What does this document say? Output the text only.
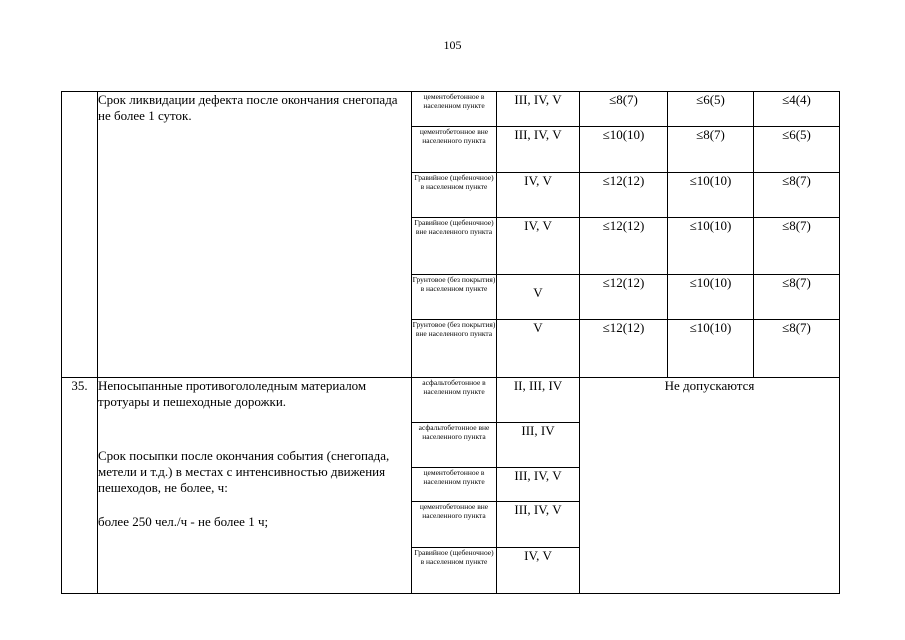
105
	Срок ликвидации дефекта после окончания снегопада не более 1 суток.	цементобетонное в населенном пункте	III, IV, V	≤8(7)	≤6(5)	≤4(4)
		цементобетонное вне населенного пункта	III, IV, V	≤10(10)	≤8(7)	≤6(5)
		Гравийное (щебеночное) в населенном пункте	IV, V	≤12(12)	≤10(10)	≤8(7)
		Гравийное (щебеночное) вне населенного пункта	IV, V	≤12(12)	≤10(10)	≤8(7)
		Грунтовое (без покрытия) в населенном пункте	V	≤12(12)	≤10(10)	≤8(7)
		Грунтовое (без покрытия) вне населенного пункта	V	≤12(12)	≤10(10)	≤8(7)
35.	Непосыпанные противогололедным материалом тротуары и пешеходные дорожки.
Срок посыпки после окончания события (снегопада, метели и т.д.) в местах с интенсивностью движения пешеходов, не более, ч:
более 250 чел./ч - не более 1 ч;	асфальтобетонное в населенном пункте	II, III, IV	Не допускаются		
		асфальтобетонное вне населенного пункта	III, IV			
		цементобетонное в населенном пункте	III, IV, V			
		цементобетонное вне населенного пункта	III, IV, V			
		Гравийное (щебеночное) в населенном пункте	IV, V			
